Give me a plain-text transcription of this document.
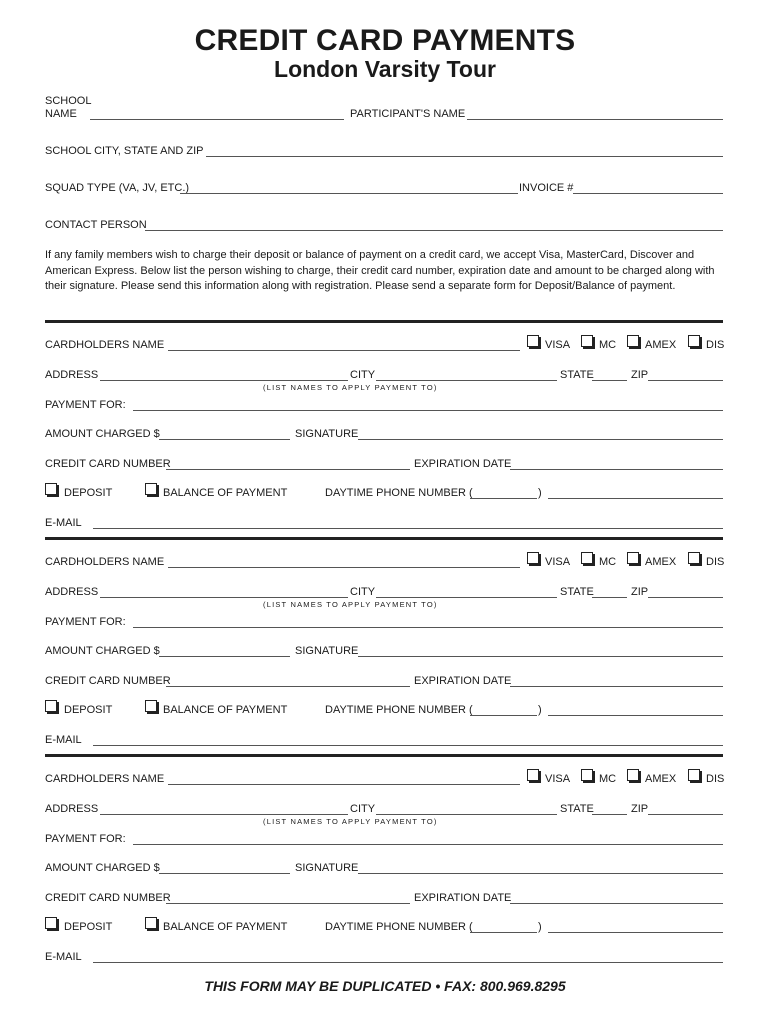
CREDIT CARD PAYMENTS
London Varsity Tour
SCHOOL
NAME	PARTICIPANT'S NAME
SCHOOL CITY, STATE AND ZIP
SQUAD TYPE (VA, JV, ETC.)	INVOICE #
CONTACT PERSON
If any family members wish to charge their deposit or balance of payment on a credit card, we accept Visa, MasterCard, Discover and American Express. Below list the person wishing to charge, their credit card number, expiration date and amount to be charged along with their signature. Please send this information along with registration. Please send a separate form for Deposit/Balance of payment.
CARDHOLDERS NAME	VISA	MC	AMEX	DIS
ADDRESS	CITY	STATE	ZIP
(LIST NAMES TO APPLY PAYMENT TO)
PAYMENT FOR:
AMOUNT CHARGED $	SIGNATURE
CREDIT CARD NUMBER	EXPIRATION DATE
DEPOSIT	BALANCE OF PAYMENT	DAYTIME PHONE NUMBER (	)
E-MAIL
CARDHOLDERS NAME	VISA	MC	AMEX	DIS
ADDRESS	CITY	STATE	ZIP
(LIST NAMES TO APPLY PAYMENT TO)
PAYMENT FOR:
AMOUNT CHARGED $	SIGNATURE
CREDIT CARD NUMBER	EXPIRATION DATE
DEPOSIT	BALANCE OF PAYMENT	DAYTIME PHONE NUMBER (	)
E-MAIL
CARDHOLDERS NAME	VISA	MC	AMEX	DIS
ADDRESS	CITY	STATE	ZIP
(LIST NAMES TO APPLY PAYMENT TO)
PAYMENT FOR:
AMOUNT CHARGED $	SIGNATURE
CREDIT CARD NUMBER	EXPIRATION DATE
DEPOSIT	BALANCE OF PAYMENT	DAYTIME PHONE NUMBER (	)
E-MAIL
THIS FORM MAY BE DUPLICATED • FAX: 800.969.8295
